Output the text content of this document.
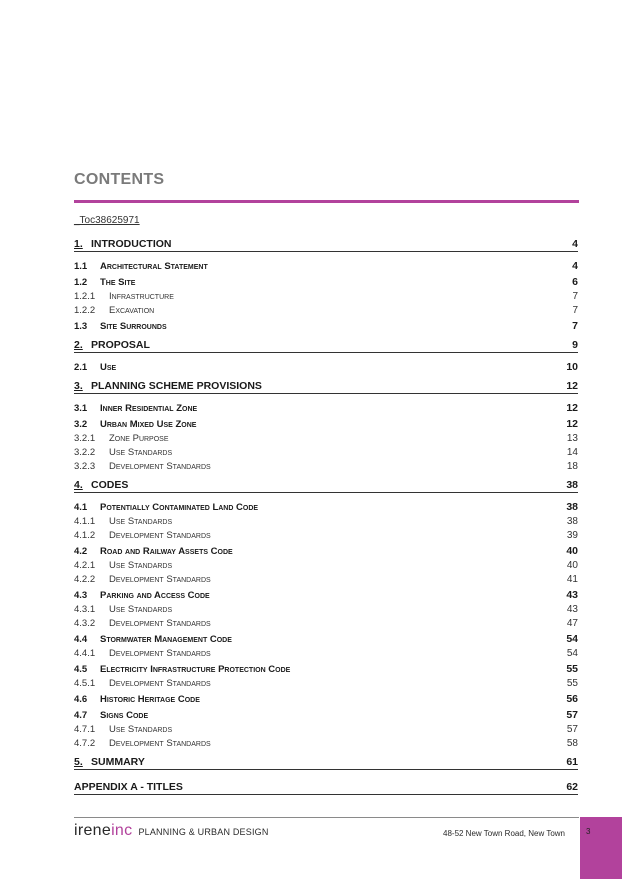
CONTENTS
_Toc38625971
1. INTRODUCTION	4
1.1	Architectural Statement	4
1.2	The Site	6
1.2.1	Infrastructure	7
1.2.2	Excavation	7
1.3	Site Surrounds	7
2. PROPOSAL	9
2.1	Use	10
3. PLANNING SCHEME PROVISIONS	12
3.1	Inner Residential Zone	12
3.2	Urban Mixed Use Zone	12
3.2.1	Zone Purpose	13
3.2.2	Use Standards	14
3.2.3	Development Standards	18
4. CODES	38
4.1	Potentially Contaminated Land Code	38
4.1.1	Use Standards	38
4.1.2	Development Standards	39
4.2	Road and Railway Assets Code	40
4.2.1	Use Standards	40
4.2.2	Development Standards	41
4.3	Parking and Access Code	43
4.3.1	Use Standards	43
4.3.2	Development Standards	47
4.4	Stormwater Management Code	54
4.4.1	Development Standards	54
4.5	Electricity Infrastructure Protection Code	55
4.5.1	Development Standards	55
4.6	Historic Heritage Code	56
4.7	Signs Code	57
4.7.1	Use Standards	57
4.7.2	Development Standards	58
5. SUMMARY	61
APPENDIX A - TITLES	62
irene inc PLANNING & URBAN DESIGN	48-52 New Town Road, New Town	3
